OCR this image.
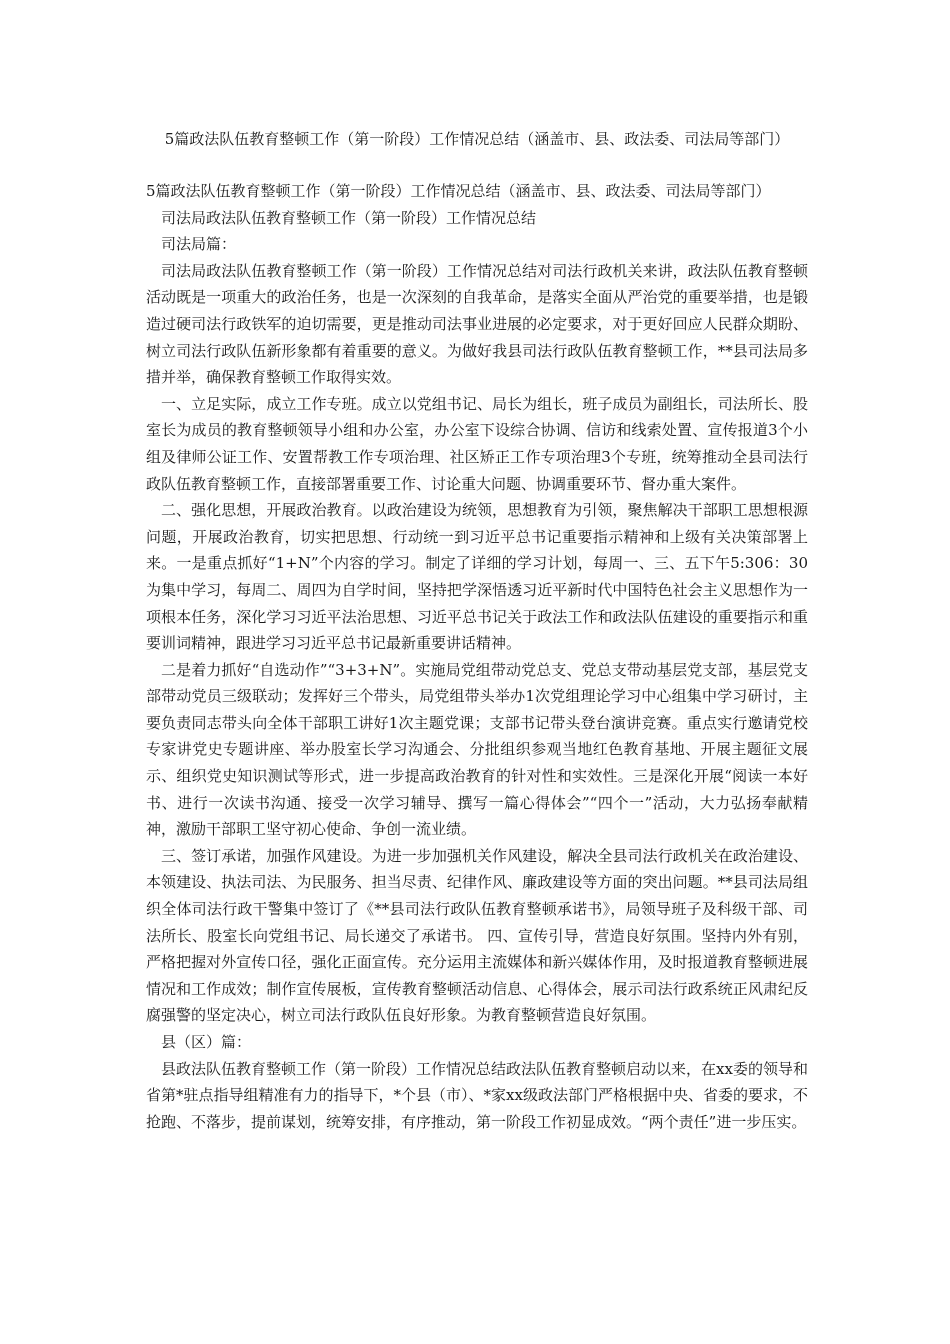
5篇政法队伍教育整顿工作（第一阶段）工作情况总结（涵盖市、县、政法委、司法局等部门）

5篇政法队伍教育整顿工作（第一阶段）工作情况总结（涵盖市、县、政法委、司法局等部门）

司法局政法队伍教育整顿工作（第一阶段）工作情况总结

司法局篇：

司法局政法队伍教育整顿工作（第一阶段）工作情况总结对司法行政机关来讲，政法队伍教育整顿活动既是一项重大的政治任务，也是一次深刻的自我革命，是落实全面从严治党的重要举措，也是锻造过硬司法行政铁军的迫切需要，更是推动司法事业进展的必定要求，对于更好回应人民群众期盼、树立司法行政队伍新形象都有着重要的意义。为做好我县司法行政队伍教育整顿工作，**县司法局多措并举，确保教育整顿工作取得实效。

一、立足实际，成立工作专班。成立以党组书记、局长为组长，班子成员为副组长，司法所长、股室长为成员的教育整顿领导小组和办公室，办公室下设综合协调、信访和线索处置、宣传报道3个小组及律师公证工作、安置帮教工作专项治理、社区矫正工作专项治理3个专班，统筹推动全县司法行政队伍教育整顿工作，直接部署重要工作、讨论重大问题、协调重要环节、督办重大案件。

二、强化思想，开展政治教育。以政治建设为统领，思想教育为引领，聚焦解决干部职工思想根源问题，开展政治教育，切实把思想、行动统一到习近平总书记重要指示精神和上级有关决策部署上来。一是重点抓好“1+N”个内容的学习。制定了详细的学习计划，每周一、三、五下午5:306：30为集中学习，每周二、周四为自学时间，坚持把学深悟透习近平新时代中国特色社会主义思想作为一项根本任务，深化学习习近平法治思想、习近平总书记关于政法工作和政法队伍建设的重要指示和重要训词精神，跟进学习习近平总书记最新重要讲话精神。

二是着力抓好“自选动作”“3+3+N”。实施局党组带动党总支、党总支带动基层党支部，基层党支部带动党员三级联动；发挥好三个带头，局党组带头举办1次党组理论学习中心组集中学习研讨，主要负责同志带头向全体干部职工讲好1次主题党课；支部书记带头登台演讲竞赛。重点实行邀请党校专家讲党史专题讲座、举办股室长学习沟通会、分批组织参观当地红色教育基地、开展主题征文展示、组织党史知识测试等形式，进一步提高政治教育的针对性和实效性。三是深化开展“阅读一本好书、进行一次读书沟通、接受一次学习辅导、撰写一篇心得体会”“四个一”活动，大力弘扬奉献精神，激励干部职工坚守初心使命、争创一流业绩。

三、签订承诺，加强作风建设。为进一步加强机关作风建设，解决全县司法行政机关在政治建设、本领建设、执法司法、为民服务、担当尽责、纪律作风、廉政建设等方面的突出问题。**县司法局组织全体司法行政干警集中签订了《**县司法行政队伍教育整顿承诺书》，局领导班子及科级干部、司法所长、股室长向党组书记、局长递交了承诺书。 四、宣传引导，营造良好氛围。坚持内外有别，严格把握对外宣传口径，强化正面宣传。充分运用主流媒体和新兴媒体作用，及时报道教育整顿进展情况和工作成效；制作宣传展板，宣传教育整顿活动信息、心得体会，展示司法行政系统正风肃纪反腐强警的坚定决心，树立司法行政队伍良好形象。为教育整顿营造良好氛围。

县（区）篇：

县政法队伍教育整顿工作（第一阶段）工作情况总结政法队伍教育整顿启动以来，在xx委的领导和省第*驻点指导组精准有力的指导下，*个县（市）、*家xx级政法部门严格根据中央、省委的要求，不抢跑、不落步，提前谋划，统筹安排，有序推动，第一阶段工作初显成效。“两个责任”进一步压实。
